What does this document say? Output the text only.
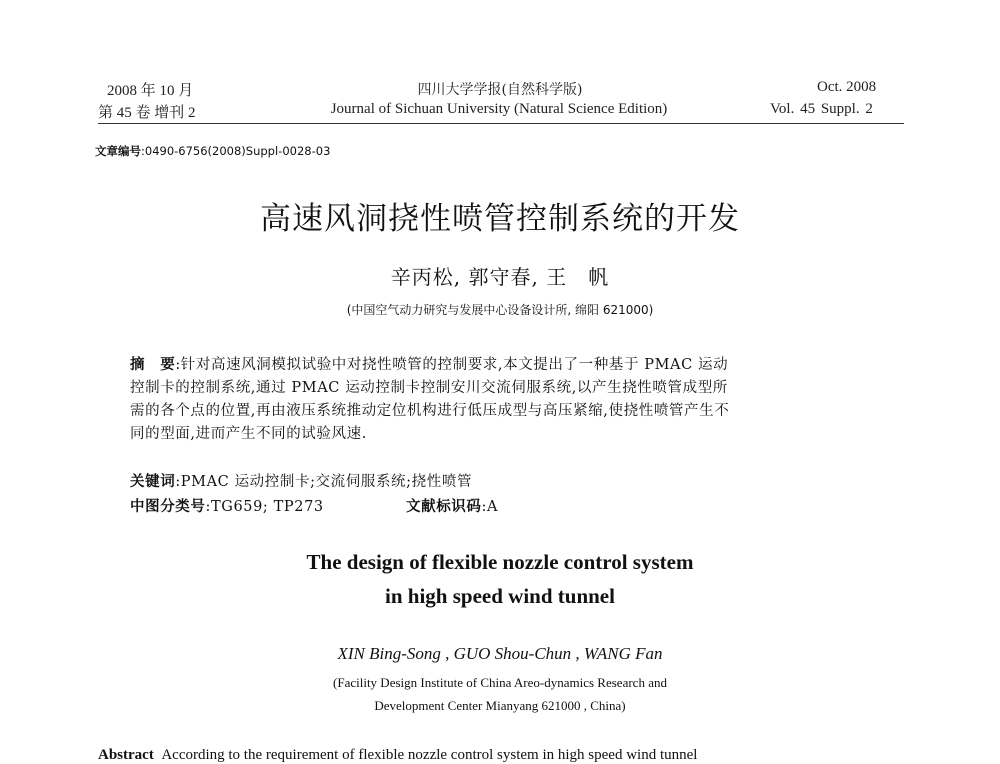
2008 年 10 月
第 45 卷 增刊 2
四川大学学报(自然科学版)
Journal of Sichuan University (Natural Science Edition)
Oct. 2008
Vol. 45 Suppl. 2
文章编号:0490-6756(2008)Suppl-0028-03
高速风洞挠性喷管控制系统的开发
辛丙松, 郭守春, 王　帆
(中国空气动力研究与发展中心设备设计所, 绵阳 621000)
摘　要:针对高速风洞模拟试验中对挠性喷管的控制要求,本文提出了一种基于 PMAC 运动
控制卡的控制系统,通过 PMAC 运动控制卡控制安川交流伺服系统,以产生挠性喷管成型所
需的各个点的位置,再由液压系统推动定位机构进行低压成型与高压紧缩,使挠性喷管产生不
同的型面,进而产生不同的试验风速.
关键词:PMAC 运动控制卡;交流伺服系统;挠性喷管
中图分类号:TG659; TP273	文献标识码:A
The design of flexible nozzle control system
in high speed wind tunnel
XIN Bing-Song , GUO Shou-Chun , WANG Fan
(Facility Design Institute of China Areo-dynamics Research and
Development Center Mianyang 621000 , China)
Abstract According to the requirement of flexible nozzle control system in high speed wind tunnel
